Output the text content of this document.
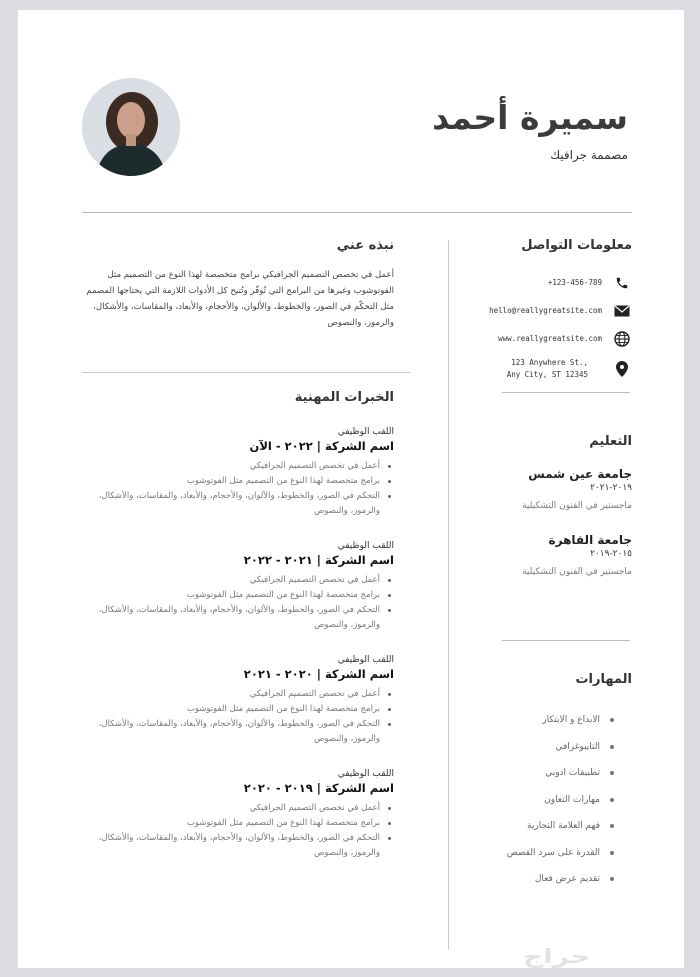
سميرة أحمد
مصممة جرافيك
معلومات التواصل
+123-456-789
hello@reallygreatsite.com
www.reallygreatsite.com
123 Anywhere St.,
Any City, ST 12345
التعليم
جامعة عين شمس
٢٠١٩-٢٠٢١
ماجستير في الفنون التشكيلية
جامعة القاهرة
٢٠١٥-٢٠١٩
ماجستير في الفنون التشكيلية
المهارات
الابداع و الابتكار
التايبوغرافي
تطبيقات ادوبي
مهارات التعاون
فهم العلامة التجارية
القدرة على سرد القصص
تقديم عرض فعال
نبذه عني

أعمل في تخصص التصميم الجرافيكي برامج متخصصة لهذا النوع من التصميم مثل الفوتوشوب وغيرها من البرامج التي تُوفّر وتُتيح كل الأدوات اللازمة التي يحتاجها المصمم مثل التحكّم في الصور، والخطوط، والألوان، والأحجام، والأبعاد، والمقاسات، والأشكال، والرموز، والنصوص

الخبرات المهنية
اللقب الوظيفي
اسم الشركة | ٢٠٢٢ - الآن
أعمل في تخصص التصميم الجرافيكي
برامج متخصصة لهذا النوع من التصميم مثل الفوتوشوب
التحكم في الصور، والخطوط، والألوان، والأحجام، والأبعاد، والمقاسات، والأشكال، والرموز، والنصوص
اللقب الوظيفي
اسم الشركة | ٢٠٢١ - ٢٠٢٢
أعمل في تخصص التصميم الجرافيكي
برامج متخصصة لهذا النوع من التصميم مثل الفوتوشوب
التحكم في الصور، والخطوط، والألوان، والأحجام، والأبعاد، والمقاسات، والأشكال، والرموز، والنصوص
اللقب الوظيفي
اسم الشركة | ٢٠٢٠ - ٢٠٢١
أعمل في تخصص التصميم الجرافيكي
برامج متخصصة لهذا النوع من التصميم مثل الفوتوشوب
التحكم في الصور، والخطوط، والألوان، والأحجام، والأبعاد، والمقاسات، والأشكال، والرموز، والنصوص
اللقب الوظيفي
اسم الشركة | ٢٠١٩ - ٢٠٢٠
أعمل في تخصص التصميم الجرافيكي
برامج متخصصة لهذا النوع من التصميم مثل الفوتوشوب
التحكم في الصور، والخطوط، والألوان، والأحجام، والأبعاد، والمقاسات، والأشكال، والرموز، والنصوص
حراج
